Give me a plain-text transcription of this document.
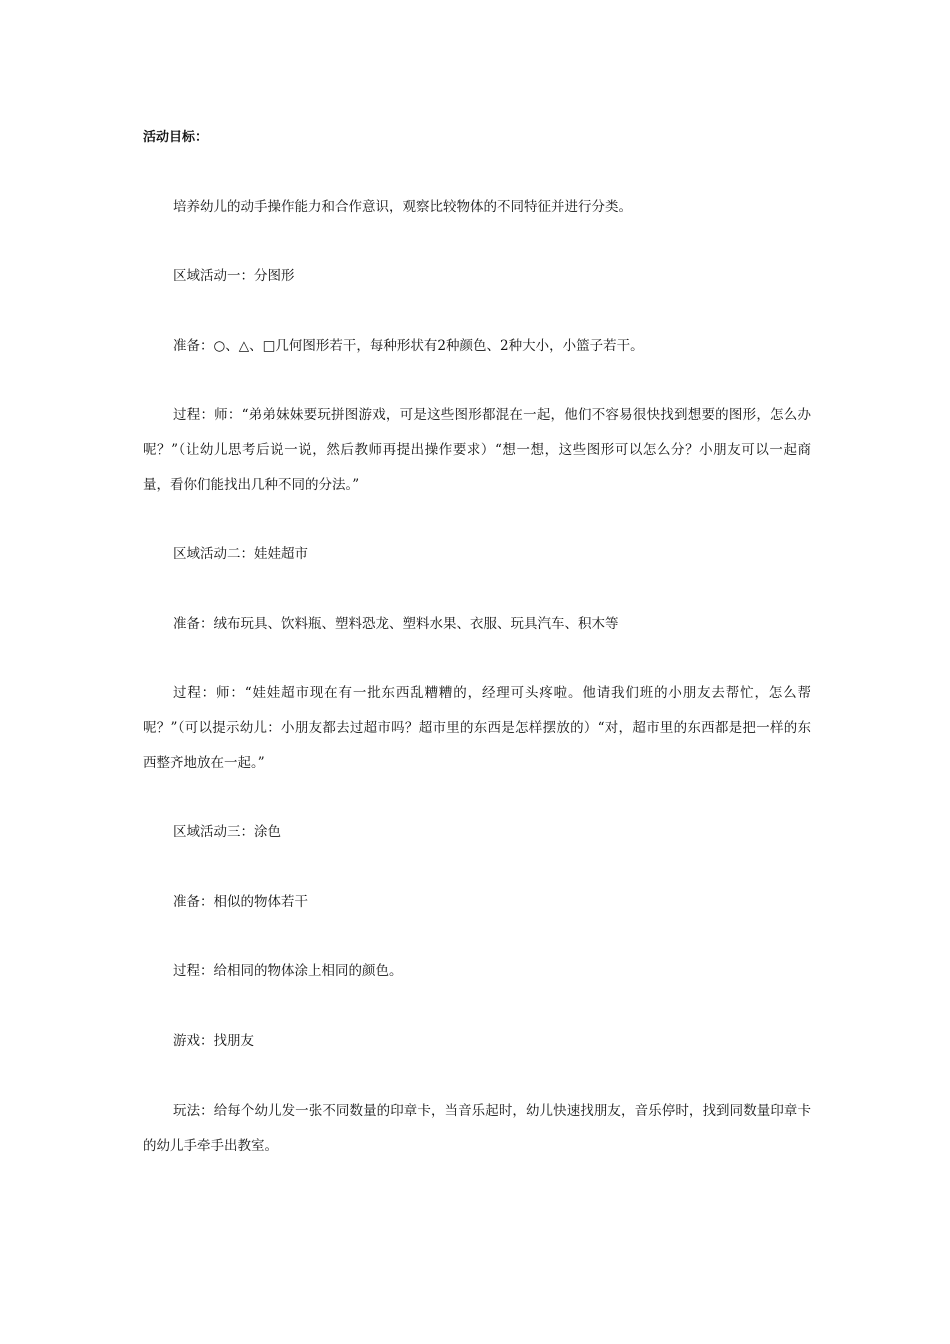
活动目标：

培养幼儿的动手操作能力和合作意识，观察比较物体的不同特征并进行分类。

区域活动一：分图形

准备：○、△、□几何图形若干，每种形状有2种颜色、2种大小，小篮子若干。

过程：师：“弟弟妹妹要玩拼图游戏，可是这些图形都混在一起，他们不容易很快找到想要的图形，怎么办呢？”（让幼儿思考后说一说，然后教师再提出操作要求）“想一想，这些图形可以怎么分？小朋友可以一起商量，看你们能找出几种不同的分法。”

区域活动二：娃娃超市

准备：绒布玩具、饮料瓶、塑料恐龙、塑料水果、衣服、玩具汽车、积木等

过程：师：“娃娃超市现在有一批东西乱糟糟的，经理可头疼啦。他请我们班的小朋友去帮忙，怎么帮呢？”（可以提示幼儿：小朋友都去过超市吗？超市里的东西是怎样摆放的）“对，超市里的东西都是把一样的东西整齐地放在一起。”

区域活动三：涂色

准备：相似的物体若干

过程：给相同的物体涂上相同的颜色。

游戏：找朋友

玩法：给每个幼儿发一张不同数量的印章卡，当音乐起时，幼儿快速找朋友，音乐停时，找到同数量印章卡的幼儿手牵手出教室。
